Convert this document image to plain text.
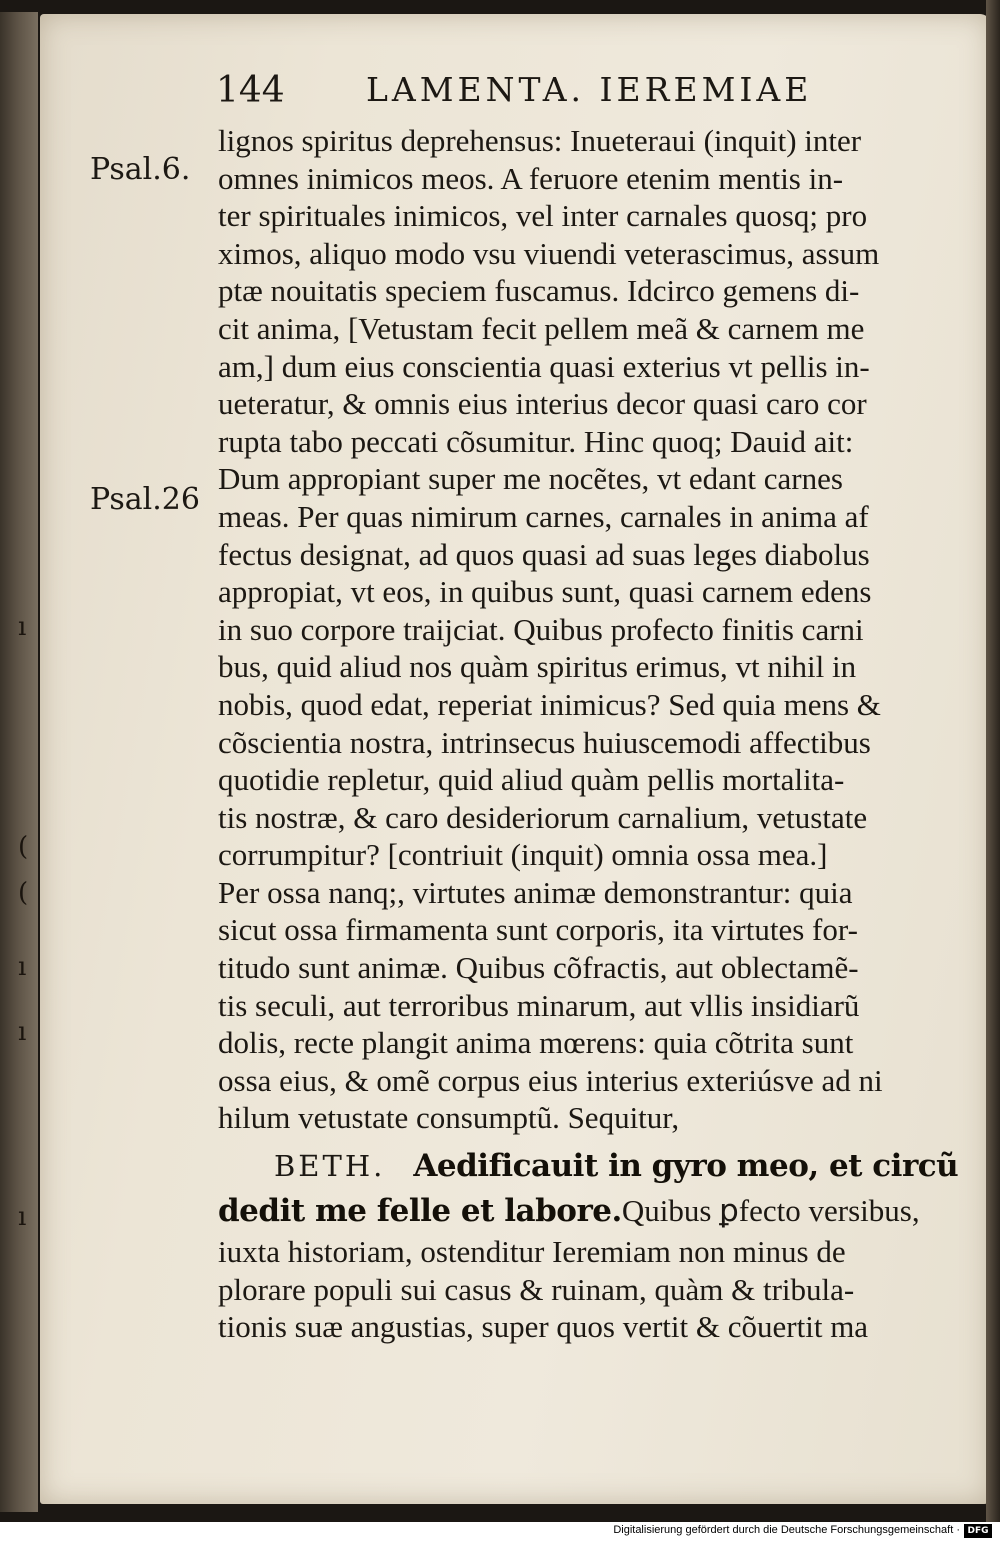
ı
(
(
ı
ı
ı
144 LAMENTA. IEREMIAE
Psal.6.
Psal.26
lignos spiritus deprehensus: Inueteraui (inquit) inter
omnes inimicos meos. A feruore etenim mentis in-
ter spirituales inimicos, vel inter carnales quosq; pro
ximos, aliquo modo vsu viuendi veterascimus, assum
ptæ nouitatis speciem fuscamus. Idcirco gemens di-
cit anima, [Vetustam fecit pellem meã & carnem me
am,] dum eius conscientia quasi exterius vt pellis in-
ueteratur, & omnis eius interius decor quasi caro cor
rupta tabo peccati cõsumitur. Hinc quoq; Dauid ait:
Dum appropiant super me nocẽtes, vt edant carnes
meas. Per quas nimirum carnes, carnales in anima af
fectus designat, ad quos quasi ad suas leges diabolus
appropiat, vt eos, in quibus sunt, quasi carnem edens
in suo corpore traijciat. Quibus profecto finitis carni
bus, quid aliud nos quàm spiritus erimus, vt nihil in
nobis, quod edat, reperiat inimicus? Sed quia mens &
cõscientia nostra, intrinsecus huiuscemodi affectibus
quotidie repletur, quid aliud quàm pellis mortalita-
tis nostræ, & caro desideriorum carnalium, vetustate
corrumpitur? [contriuit (inquit) omnia ossa mea.]
Per ossa nanq;, virtutes animæ demonstrantur: quia
sicut ossa firmamenta sunt corporis, ita virtutes for-
titudo sunt animæ. Quibus cõfractis, aut oblectamẽ-
tis seculi, aut terroribus minarum, aut vllis insidiarũ
dolis, recte plangit anima mœrens: quia cõtrita sunt
ossa eius, & omẽ corpus eius interius exteriúsve ad ni
hilum vetustate consumptũ. Sequitur,
BETH. Aedificauit in gyro meo, et circũ
dedit me felle et labore.Quibus ꝑfecto versibus,
iuxta historiam, ostenditur Ieremiam non minus de
plorare populi sui casus & ruinam, quàm & tribula-
tionis suæ angustias, super quos vertit & cõuertit ma
Digitalisierung gefördert durch die Deutsche Forschungsgemeinschaft · DFG
